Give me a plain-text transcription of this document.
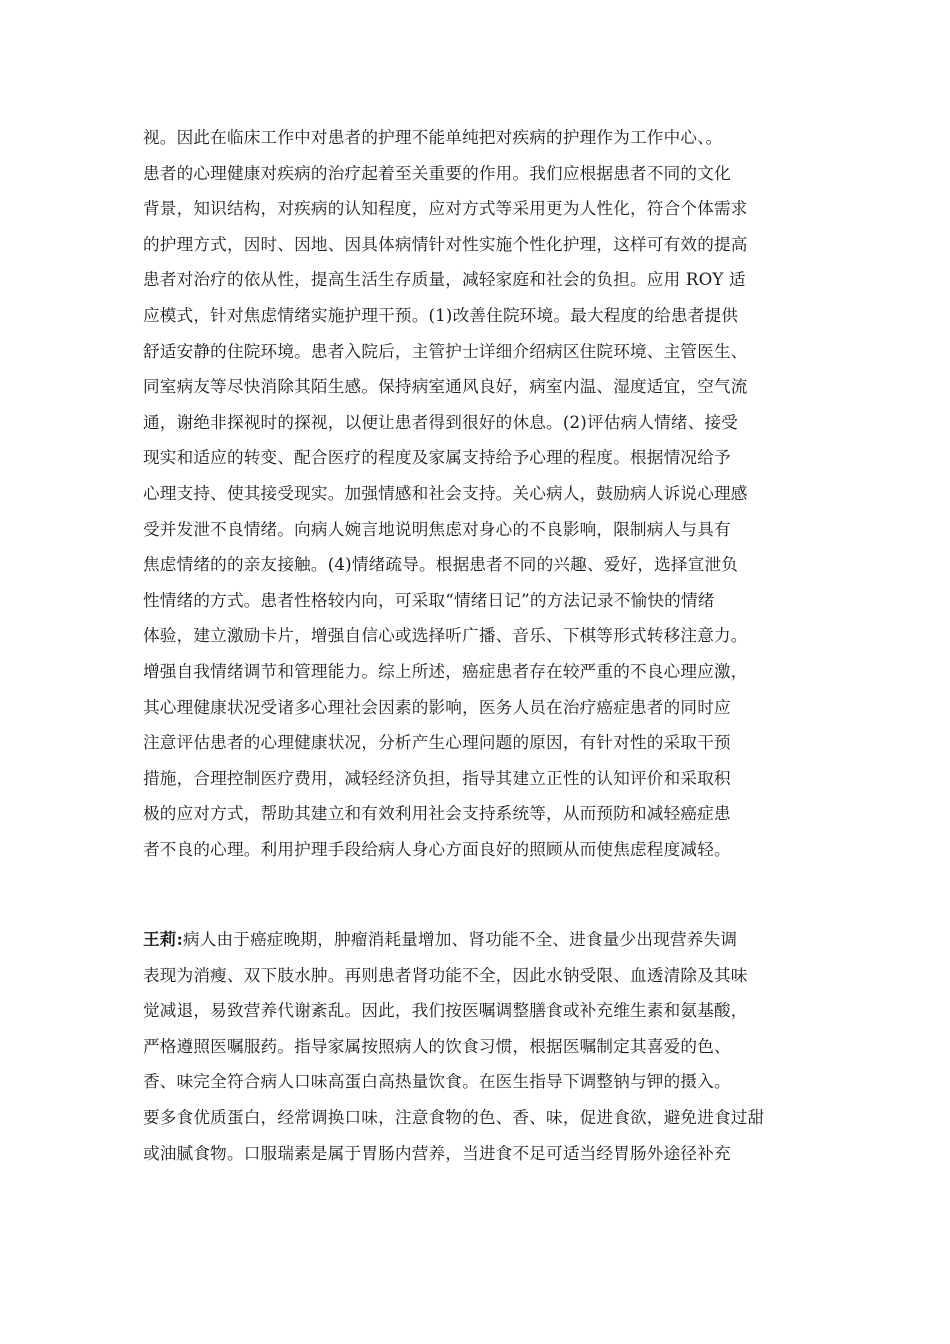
视。因此在临床工作中对患者的护理不能单纯把对疾病的护理作为工作中心、。
患者的心理健康对疾病的治疗起着至关重要的作用。我们应根据患者不同的文化
背景，知识结构，对疾病的认知程度，应对方式等采用更为人性化，符合个体需求
的护理方式，因时、因地、因具体病情针对性实施个性化护理，这样可有效的提高
患者对治疗的依从性，提高生活生存质量，减轻家庭和社会的负担。应用 ROY 适
应模式，针对焦虑情绪实施护理干预。(1)改善住院环境。最大程度的给患者提供
舒适安静的住院环境。患者入院后，主管护士详细介绍病区住院环境、主管医生、
同室病友等尽快消除其陌生感。保持病室通风良好，病室内温、湿度适宜，空气流
通，谢绝非探视时的探视，以便让患者得到很好的休息。(2)评估病人情绪、接受
现实和适应的转变、配合医疗的程度及家属支持给予心理的程度。根据情况给予
心理支持、使其接受现实。加强情感和社会支持。关心病人，鼓励病人诉说心理感
受并发泄不良情绪。向病人婉言地说明焦虑对身心的不良影响，限制病人与具有
焦虑情绪的的亲友接触。(4)情绪疏导。根据患者不同的兴趣、爱好，选择宣泄负
性情绪的方式。患者性格较内向，可采取“情绪日记”的方法记录不愉快的情绪
体验，建立激励卡片，增强自信心或选择听广播、音乐、下棋等形式转移注意力。
增强自我情绪调节和管理能力。综上所述，癌症患者存在较严重的不良心理应激，
其心理健康状况受诸多心理社会因素的影响，医务人员在治疗癌症患者的同时应
注意评估患者的心理健康状况，分析产生心理问题的原因，有针对性的采取干预
措施，合理控制医疗费用，减轻经济负担，指导其建立正性的认知评价和采取积
极的应对方式，帮助其建立和有效利用社会支持系统等，从而预防和减轻癌症患
者不良的心理。利用护理手段给病人身心方面良好的照顾从而使焦虑程度减轻。
王莉:病人由于癌症晚期，肿瘤消耗量增加、肾功能不全、进食量少出现营养失调
表现为消瘦、双下肢水肿。再则患者肾功能不全，因此水钠受限、血透清除及其味
觉减退，易致营养代谢紊乱。因此，我们按医嘱调整膳食或补充维生素和氨基酸，
严格遵照医嘱服药。指导家属按照病人的饮食习惯，根据医嘱制定其喜爱的色、
香、味完全符合病人口味高蛋白高热量饮食。在医生指导下调整钠与钾的摄入。
要多食优质蛋白，经常调换口味，注意食物的色、香、味，促进食欲，避免进食过甜
或油腻食物。口服瑞素是属于胃肠内营养，当进食不足可适当经胃肠外途径补充
